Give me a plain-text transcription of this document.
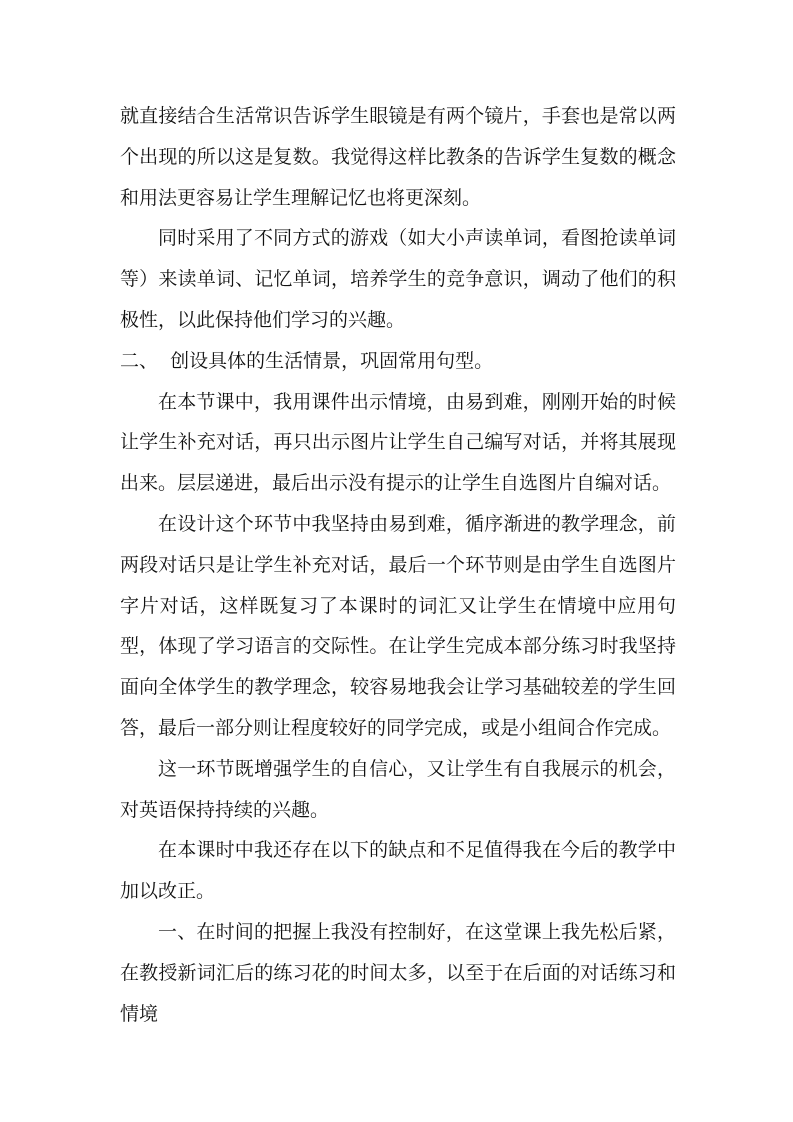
就直接结合生活常识告诉学生眼镜是有两个镜片，手套也是常以两个出现的所以这是复数。我觉得这样比教条的告诉学生复数的概念和用法更容易让学生理解记忆也将更深刻。

同时采用了不同方式的游戏（如大小声读单词，看图抢读单词等）来读单词、记忆单词，培养学生的竞争意识，调动了他们的积极性，以此保持他们学习的兴趣。

二、  创设具体的生活情景，巩固常用句型。

在本节课中，我用课件出示情境，由易到难，刚刚开始的时候让学生补充对话，再只出示图片让学生自己编写对话，并将其展现出来。层层递进，最后出示没有提示的让学生自选图片自编对话。

在设计这个环节中我坚持由易到难，循序渐进的教学理念，前两段对话只是让学生补充对话，最后一个环节则是由学生自选图片字片对话，这样既复习了本课时的词汇又让学生在情境中应用句型，体现了学习语言的交际性。在让学生完成本部分练习时我坚持面向全体学生的教学理念，较容易地我会让学习基础较差的学生回答，最后一部分则让程度较好的同学完成，或是小组间合作完成。

这一环节既增强学生的自信心，又让学生有自我展示的机会，对英语保持持续的兴趣。

在本课时中我还存在以下的缺点和不足值得我在今后的教学中加以改正。

一、在时间的把握上我没有控制好，在这堂课上我先松后紧，在教授新词汇后的练习花的时间太多，以至于在后面的对话练习和情境
